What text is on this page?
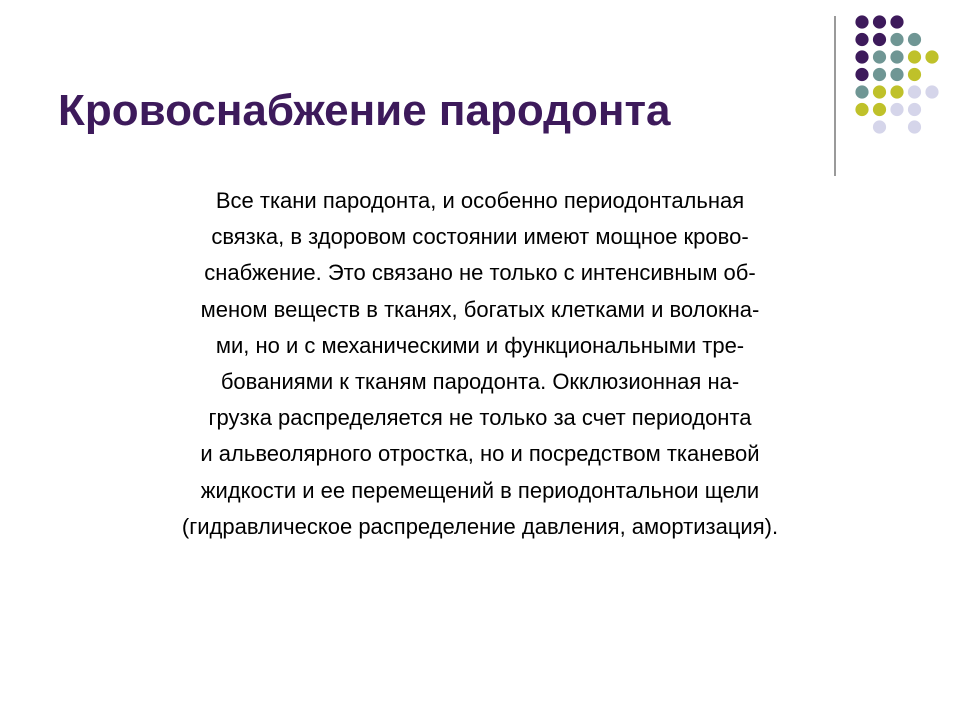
Кровоснабжение пародонта
Все ткани пародонта, и особенно периодонтальная
связка, в здоровом состоянии имеют мощное крово-
снабжение. Это связано не только с интенсивным об-
меном веществ в тканях, богатых клетками и волокна-
ми, но и с механическими и функциональными тре-
бованиями к тканям пародонта. Окклюзионная на-
грузка распределяется не только за счет периодонта
и альвеолярного отростка, но и посредством тканевой
жидкости и ее перемещений в периодонтальнои щели
(гидравлическое распределение давления, амортизация).
